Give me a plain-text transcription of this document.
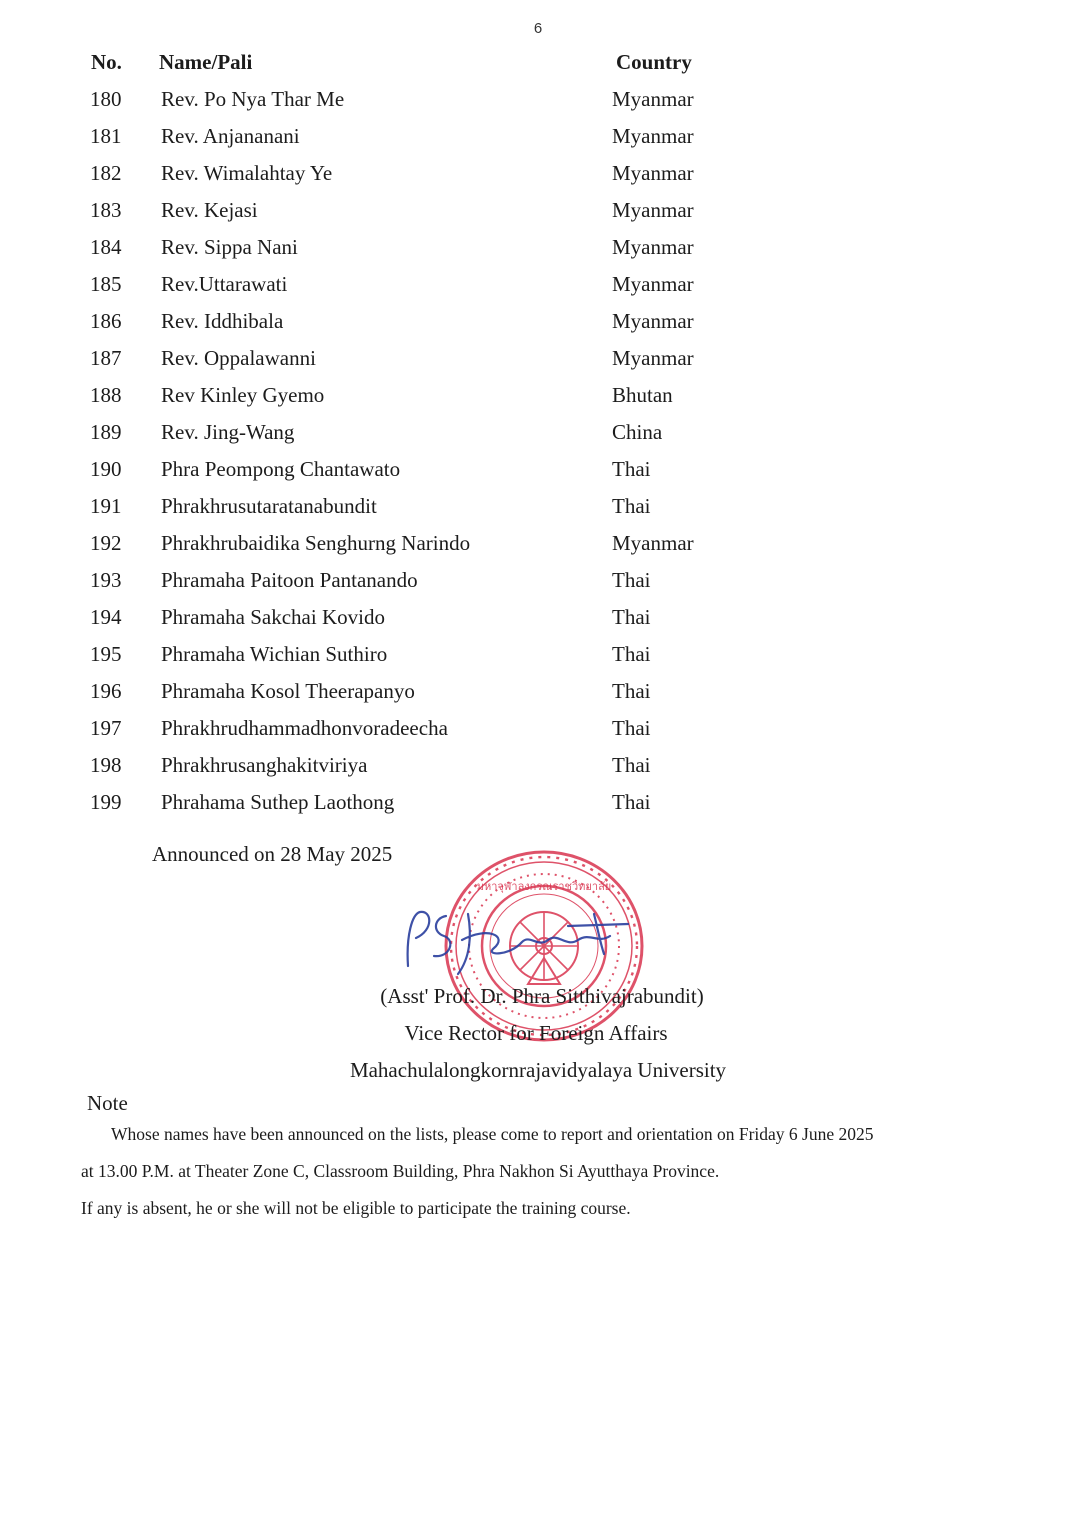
6
No. Name/Pali	Country
180 Rev. Po Nya Thar Me	Myanmar
181 Rev. Anjananani	Myanmar
182 Rev. Wimalahtay Ye	Myanmar
183 Rev. Kejasi	Myanmar
184 Rev. Sippa Nani	Myanmar
185 Rev.Uttarawati	Myanmar
186 Rev. Iddhibala	Myanmar
187 Rev. Oppalawanni	Myanmar
188 Rev Kinley Gyemo	Bhutan
189 Rev. Jing-Wang	China
190 Phra Peompong Chantawato	Thai
191 Phrakhrusutaratanabundit	Thai
192 Phrakhrubaidika Senghurng Narindo	Myanmar
193 Phramaha Paitoon Pantanando	Thai
194 Phramaha Sakchai Kovido	Thai
195 Phramaha Wichian Suthiro	Thai
196 Phramaha Kosol Theerapanyo	Thai
197 Phrakhrudhammadhonvoradeecha	Thai
198 Phrakhrusanghakitviriya	Thai
199 Phrahama Suthep Laothong	Thai
Announced on 28 May 2025
มหาจุฬาลงกรณราชวิทยาลัย
(Asst' Prof. Dr. Phra Sitthivajrabundit)
Vice Rector for Foreign Affairs
Mahachulalongkornrajavidyalaya University
Note
Whose names have been announced on the lists, please come to report and orientation on Friday 6 June 2025
at 13.00 P.M. at Theater Zone C, Classroom Building, Phra Nakhon Si Ayutthaya Province.
If any is absent, he or she will not be eligible to participate the training course.
